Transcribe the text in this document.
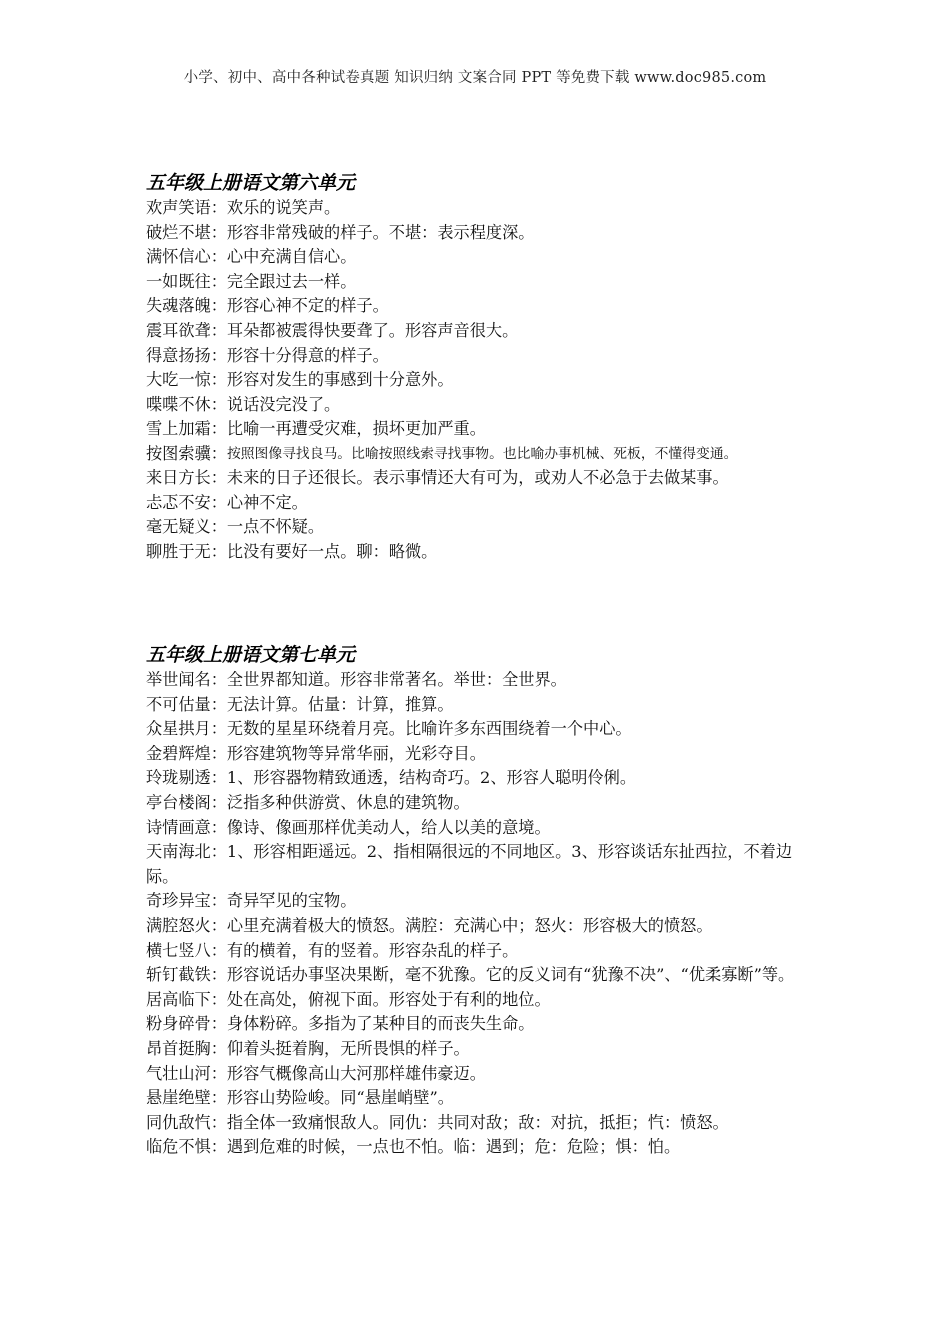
小学、初中、高中各种试卷真题 知识归纳 文案合同 PPT 等免费下载 www.doc985.com
五年级上册语文第六单元

欢声笑语：欢乐的说笑声。

破烂不堪：形容非常残破的样子。不堪：表示程度深。

满怀信心：心中充满自信心。

一如既往：完全跟过去一样。

失魂落魄：形容心神不定的样子。

震耳欲聋：耳朵都被震得快要聋了。形容声音很大。

得意扬扬：形容十分得意的样子。

大吃一惊：形容对发生的事感到十分意外。

喋喋不休：说话没完没了。

雪上加霜：比喻一再遭受灾难，损坏更加严重。

按图索骥： 按照图像寻找良马。比喻按照线索寻找事物。也比喻办事机械、死板，不懂得变通。

来日方长：未来的日子还很长。表示事情还大有可为，或劝人不必急于去做某事。

忐忑不安：心神不定。

毫无疑义：一点不怀疑。

聊胜于无：比没有要好一点。聊：略微。

五年级上册语文第七单元

举世闻名：全世界都知道。形容非常著名。举世：全世界。

不可估量：无法计算。估量：计算，推算。

众星拱月：无数的星星环绕着月亮。比喻许多东西围绕着一个中心。

金碧辉煌：形容建筑物等异常华丽，光彩夺目。

玲珑剔透：1、形容器物精致通透，结构奇巧。2、形容人聪明伶俐。

亭台楼阁：泛指多种供游赏、休息的建筑物。

诗情画意：像诗、像画那样优美动人，给人以美的意境。

天南海北：1、形容相距遥远。2、指相隔很远的不同地区。3、形容谈话东扯西拉，不着边际。

奇珍异宝：奇异罕见的宝物。

满腔怒火：心里充满着极大的愤怒。满腔：充满心中；怒火：形容极大的愤怒。

横七竖八：有的横着，有的竖着。形容杂乱的样子。

斩钉截铁：形容说话办事坚决果断，毫不犹豫。它的反义词有“犹豫不决”、“优柔寡断”等。

居高临下：处在高处，俯视下面。形容处于有利的地位。

粉身碎骨：身体粉碎。多指为了某种目的而丧失生命。

昂首挺胸：仰着头挺着胸，无所畏惧的样子。

气壮山河：形容气概像高山大河那样雄伟豪迈。

悬崖绝壁：形容山势险峻。同“悬崖峭壁”。

同仇敌忾：指全体一致痛恨敌人。同仇：共同对敌；敌：对抗，抵拒；忾：愤怒。

临危不惧：遇到危难的时候，一点也不怕。临：遇到；危：危险；惧：怕。
